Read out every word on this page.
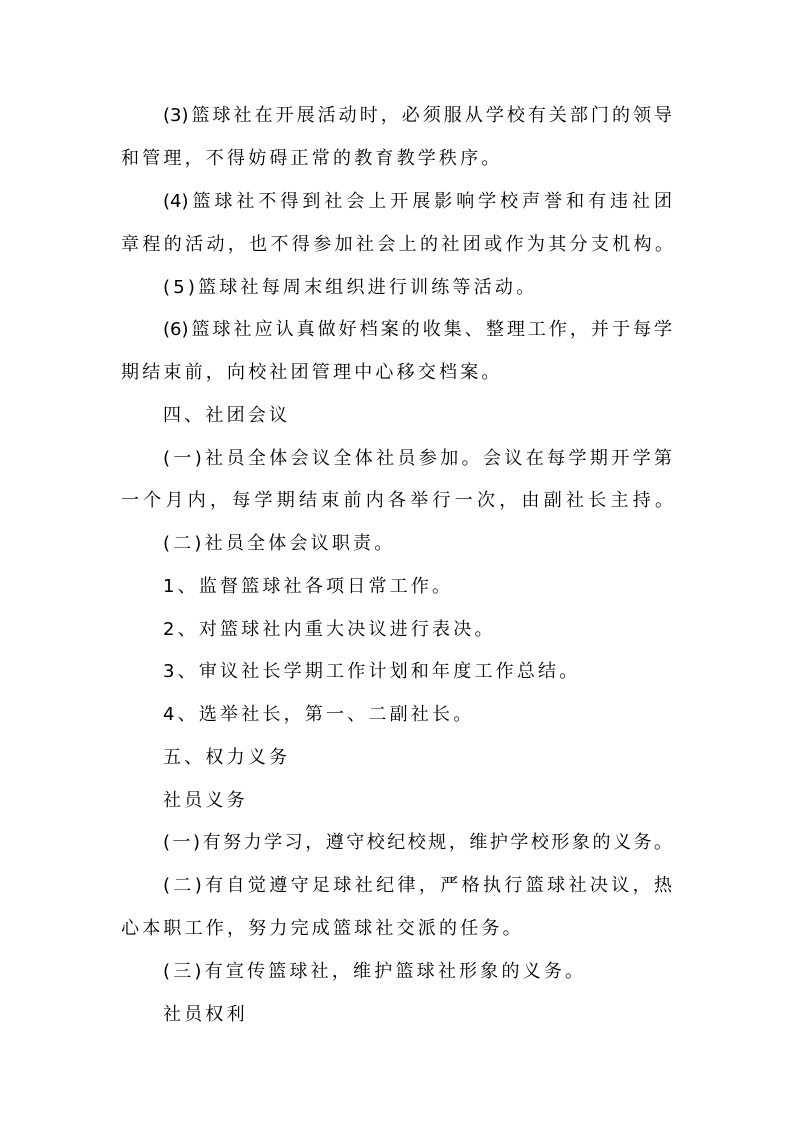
(3)篮球社在开展活动时，必须服从学校有关部门的领导
和管理，不得妨碍正常的教育教学秩序。
(4)篮球社不得到社会上开展影响学校声誉和有违社团
章程的活动，也不得参加社会上的社团或作为其分支机构。
(5)篮球社每周末组织进行训练等活动。
(6)篮球社应认真做好档案的收集、整理工作，并于每学
期结束前，向校社团管理中心移交档案。
四、社团会议
(一)社员全体会议全体社员参加。会议在每学期开学第
一个月内，每学期结束前内各举行一次，由副社长主持。
(二)社员全体会议职责。
1、监督篮球社各项日常工作。
2、对篮球社内重大决议进行表决。
3、审议社长学期工作计划和年度工作总结。
4、选举社长，第一、二副社长。
五、权力义务
社员义务
(一)有努力学习，遵守校纪校规，维护学校形象的义务。
(二)有自觉遵守足球社纪律，严格执行篮球社决议，热
心本职工作，努力完成篮球社交派的任务。
(三)有宣传篮球社，维护篮球社形象的义务。
社员权利
